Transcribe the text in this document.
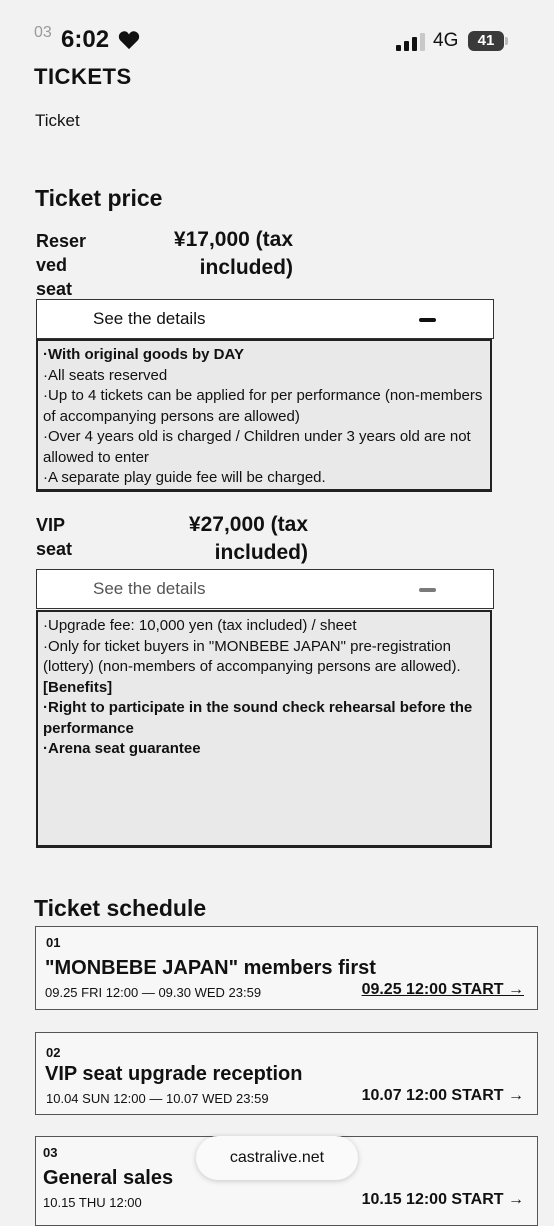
03 6:02	4G	41
TICKETS
Ticket
Ticket price
Reser
ved
seat
¥17,000 (tax
included)
See the details

·With original goods by DAY

·All seats reserved

·Up to 4 tickets can be applied for per performance (non-members of accompanying persons are allowed)

·Over 4 years old is charged / Children under 3 years old are not allowed to enter

·A separate play guide fee will be charged.

VIP
seat
¥27,000 (tax
included)
See the details

·Upgrade fee: 10,000 yen (tax included) / sheet

·Only for ticket buyers in "MONBEBE JAPAN" pre-registration (lottery) (non-members of accompanying persons are allowed).

[Benefits]

·Right to participate in the sound check rehearsal before the performance

·Arena seat guarantee

Ticket schedule
01
"MONBEBE JAPAN" members first
09.25 FRI 12:00 — 09.30 WED 23:59	09.25 12:00 START →
02
VIP seat upgrade reception
10.04 SUN 12:00 — 10.07 WED 23:59	10.07 12:00 START →
03
General sales
10.15 THU 12:00	10.15 12:00 START →
castralive.net
